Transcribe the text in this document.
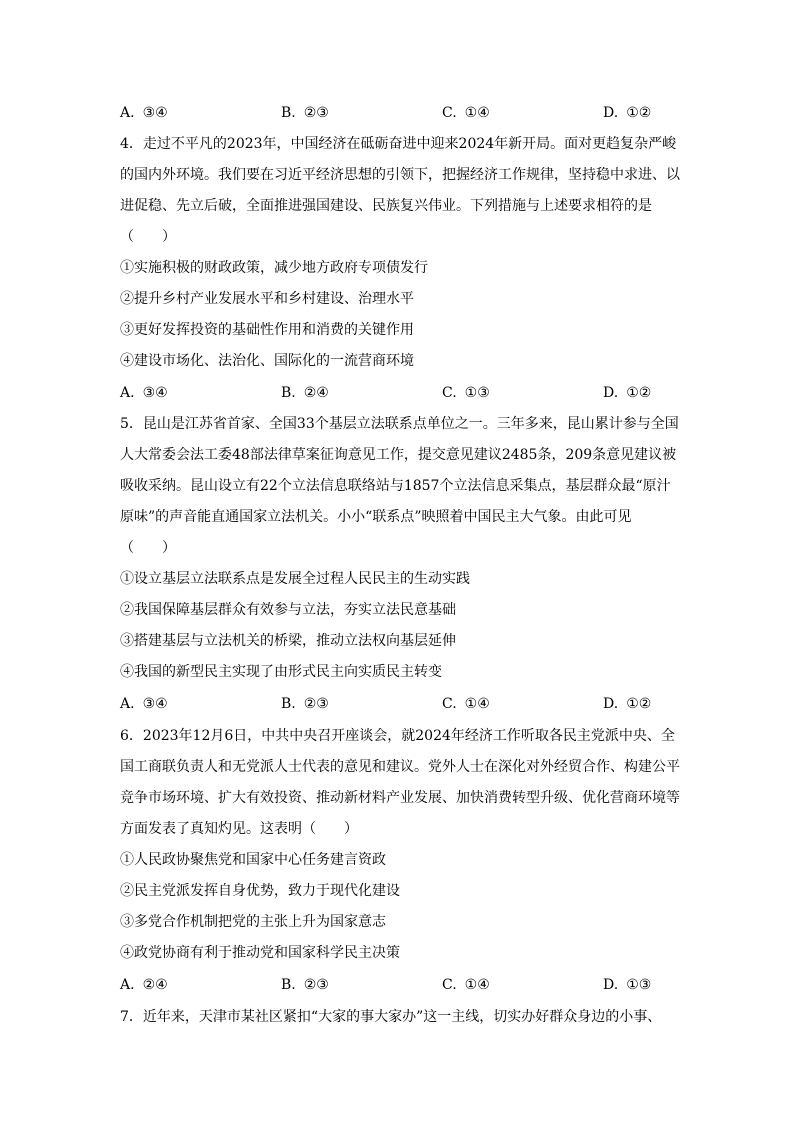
A. ③④	B. ②③	C. ①④	D. ①②
4．走过不平凡的2023年，中国经济在砥砺奋进中迎来2024年新开局。面对更趋复杂严峻
的国内外环境。我们要在习近平经济思想的引领下，把握经济工作规律，坚持稳中求进、以
进促稳、先立后破，全面推进强国建设、民族复兴伟业。下列措施与上述要求相符的是
（　　）
①实施积极的财政政策，减少地方政府专项债发行
②提升乡村产业发展水平和乡村建设、治理水平
③更好发挥投资的基础性作用和消费的关键作用
④建设市场化、法治化、国际化的一流营商环境
A. ③④	B. ②④	C. ①③	D. ①②
5．昆山是江苏省首家、全国33个基层立法联系点单位之一。三年多来，昆山累计参与全国
人大常委会法工委48部法律草案征询意见工作，提交意见建议2485条，209条意见建议被
吸收采纳。昆山设立有22个立法信息联络站与1857个立法信息采集点，基层群众最“原汁
原味”的声音能直通国家立法机关。小小“联系点”映照着中国民主大气象。由此可见
（　　）
①设立基层立法联系点是发展全过程人民民主的生动实践
②我国保障基层群众有效参与立法，夯实立法民意基础
③搭建基层与立法机关的桥梁，推动立法权向基层延伸
④我国的新型民主实现了由形式民主向实质民主转变
A. ③④	B. ②③	C. ①④	D. ①②
6．2023年12月6日，中共中央召开座谈会，就2024年经济工作听取各民主党派中央、全
国工商联负责人和无党派人士代表的意见和建议。党外人士在深化对外经贸合作、构建公平
竞争市场环境、扩大有效投资、推动新材料产业发展、加快消费转型升级、优化营商环境等
方面发表了真知灼见。这表明（　　）
①人民政协聚焦党和国家中心任务建言资政
②民主党派发挥自身优势，致力于现代化建设
③多党合作机制把党的主张上升为国家意志
④政党协商有利于推动党和国家科学民主决策
A. ②④	B. ②③	C. ①④	D. ①③
7．近年来，天津市某社区紧扣“大家的事大家办”这一主线，切实办好群众身边的小事、
